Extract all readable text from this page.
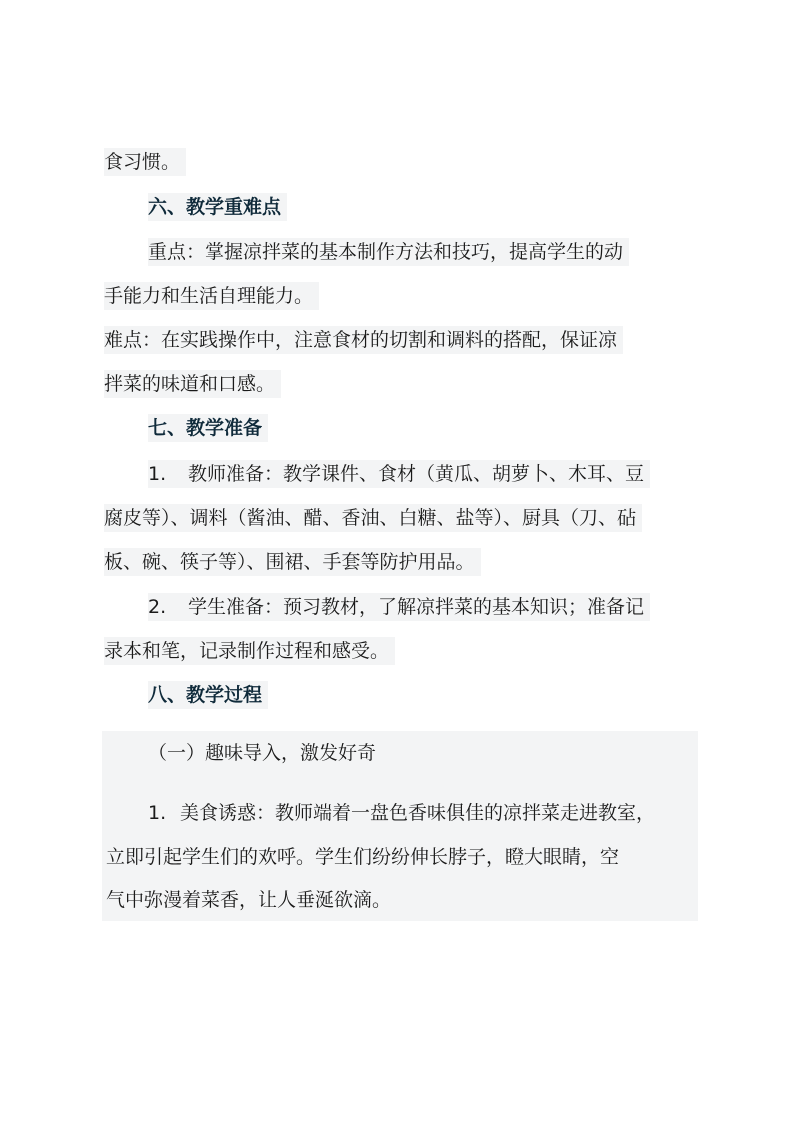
食习惯。
六、教学重难点
重点：掌握凉拌菜的基本制作方法和技巧，提高学生的动
手能力和生活自理能力。
难点：在实践操作中，注意食材的切割和调料的搭配，保证凉
拌菜的味道和口感。
七、教学准备
1. 教师准备：教学课件、食材（黄瓜、胡萝卜、木耳、豆
腐皮等）、调料（酱油、醋、香油、白糖、盐等）、厨具（刀、砧
板、碗、筷子等）、围裙、手套等防护用品。
2. 学生准备：预习教材，了解凉拌菜的基本知识；准备记
录本和笔，记录制作过程和感受。
八、教学过程
（一）趣味导入，激发好奇
1. 美食诱惑：教师端着一盘色香味俱佳的凉拌菜走进教室，
立即引起学生们的欢呼。学生们纷纷伸长脖子，瞪大眼睛，空
气中弥漫着菜香，让人垂涎欲滴。
